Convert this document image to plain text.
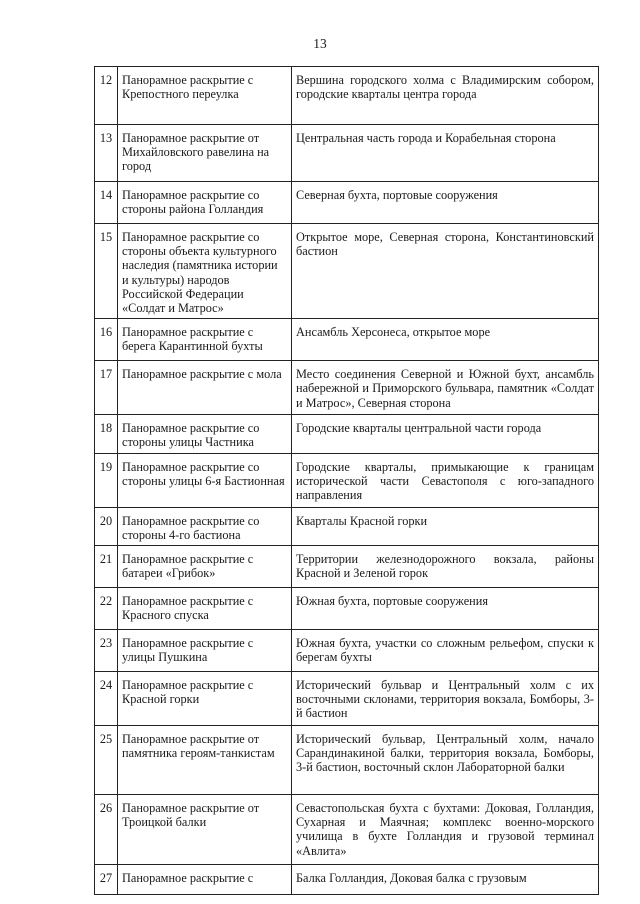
13
12	Панорамное раскрытие с Крепостного переулка	Вершина городского холма с Владимирским собором, городские кварталы центра города
13	Панорамное раскрытие от Михайловского равелина на город	Центральная часть города и Корабельная сторона
14	Панорамное раскрытие со стороны района Голландия	Северная бухта, портовые сооружения
15	Панорамное раскрытие со стороны объекта культурного наследия (памятника истории и культуры) народов Российской Федерации «Солдат и Матрос»	Открытое море, Северная сторона, Константиновский бастион
16	Панорамное раскрытие с берега Карантинной бухты	Ансамбль Херсонеса, открытое море
17	Панорамное раскрытие с мола	Место соединения Северной и Южной бухт, ансамбль набережной и Приморского бульвара, памятник «Солдат и Матрос», Северная сторона
18	Панорамное раскрытие со стороны улицы Частника	Городские кварталы центральной части города
19	Панорамное раскрытие со стороны улицы 6-я Бастионная	Городские кварталы, примыкающие к границам исторической части Севастополя с юго-западного направления
20	Панорамное раскрытие со стороны 4-го бастиона	Кварталы Красной горки
21	Панорамное раскрытие с батареи «Грибок»	Территории железнодорожного вокзала, районы Красной и Зеленой горок
22	Панорамное раскрытие с Красного спуска	Южная бухта, портовые сооружения
23	Панорамное раскрытие с улицы Пушкина	Южная бухта, участки со сложным рельефом, спуски к берегам бухты
24	Панорамное раскрытие с Красной горки	Исторический бульвар и Центральный холм с их восточными склонами, территория вокзала, Бомборы, 3-й бастион
25	Панорамное раскрытие от памятника героям-танкистам	Исторический бульвар, Центральный холм, начало Сарандинакиной балки, территория вокзала, Бомборы, 3-й бастион, восточный склон Лабораторной балки
26	Панорамное раскрытие от Троицкой балки	Севастопольская бухта с бухтами: Доковая, Голландия, Сухарная и Маячная; комплекс военно-морского училища в бухте Голландия и грузовой терминал «Авлита»
27	Панорамное раскрытие с	Балка Голландия, Доковая балка с грузовым
